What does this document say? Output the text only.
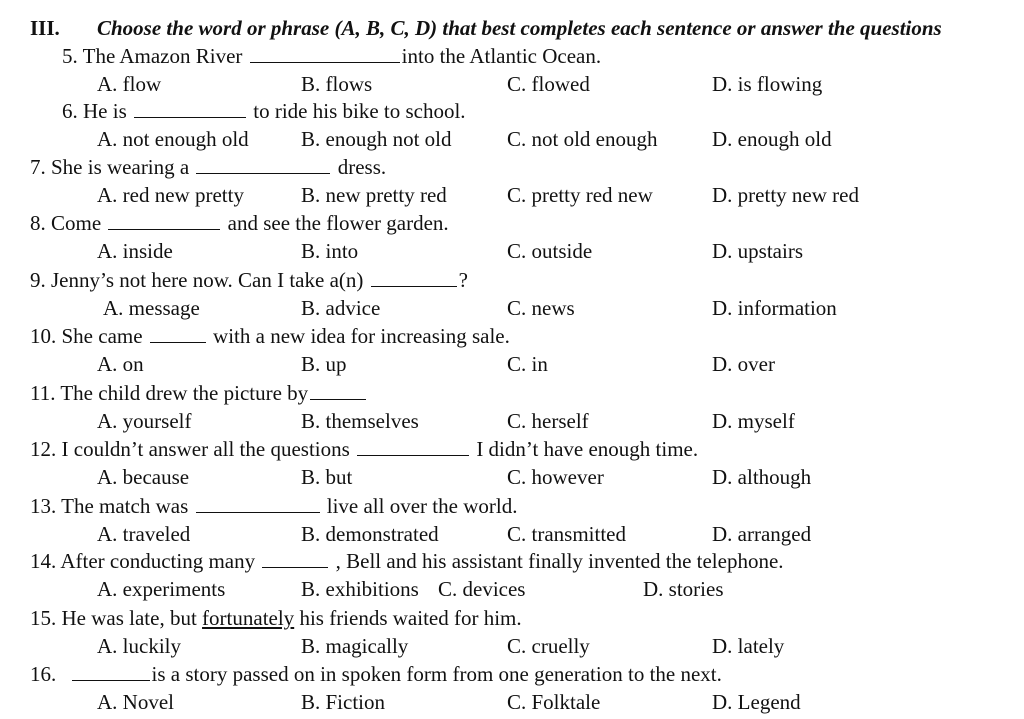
III. Choose the word or phrase (A, B, C, D) that best completes each sentence or answer the questions
5. The Amazon River	into the Atlantic Ocean.
A. flow	B. flows	C. flowed	D. is flowing
6. He is	to ride his bike to school.
A. not enough old B. enough not old	C. not old enough	D. enough old
7. She is wearing a	dress.
A. red new pretty	B. new pretty red	C. pretty red new	D. pretty new red
8. Come	and see the flower garden.
A. inside	B. into	C. outside	D. upstairs
9. Jenny’s not here now. Can I take a(n)	?
A. message	B. advice	C. news	D. information
10. She came	with a new idea for increasing sale.
A. on	B. up	C. in	D. over
11. The child drew the picture by
A. yourself	B. themselves	C. herself	D. myself
12. I couldn’t answer all the questions	I didn’t have enough time.
A. because	B. but	C. however	D. although
13. The match was	live all over the world.
A. traveled	B. demonstrated	C. transmitted	D. arranged
14. After conducting many	, Bell and his assistant finally invented the telephone.
A. experiments	B. exhibitions C. devices	D. stories
15. He was late, but fortunately his friends waited for him.
A. luckily	B. magically	C. cruelly	D. lately
16.	is a story passed on in spoken form from one generation to the next.
A. Novel	B. Fiction	C. Folktale	D. Legend
